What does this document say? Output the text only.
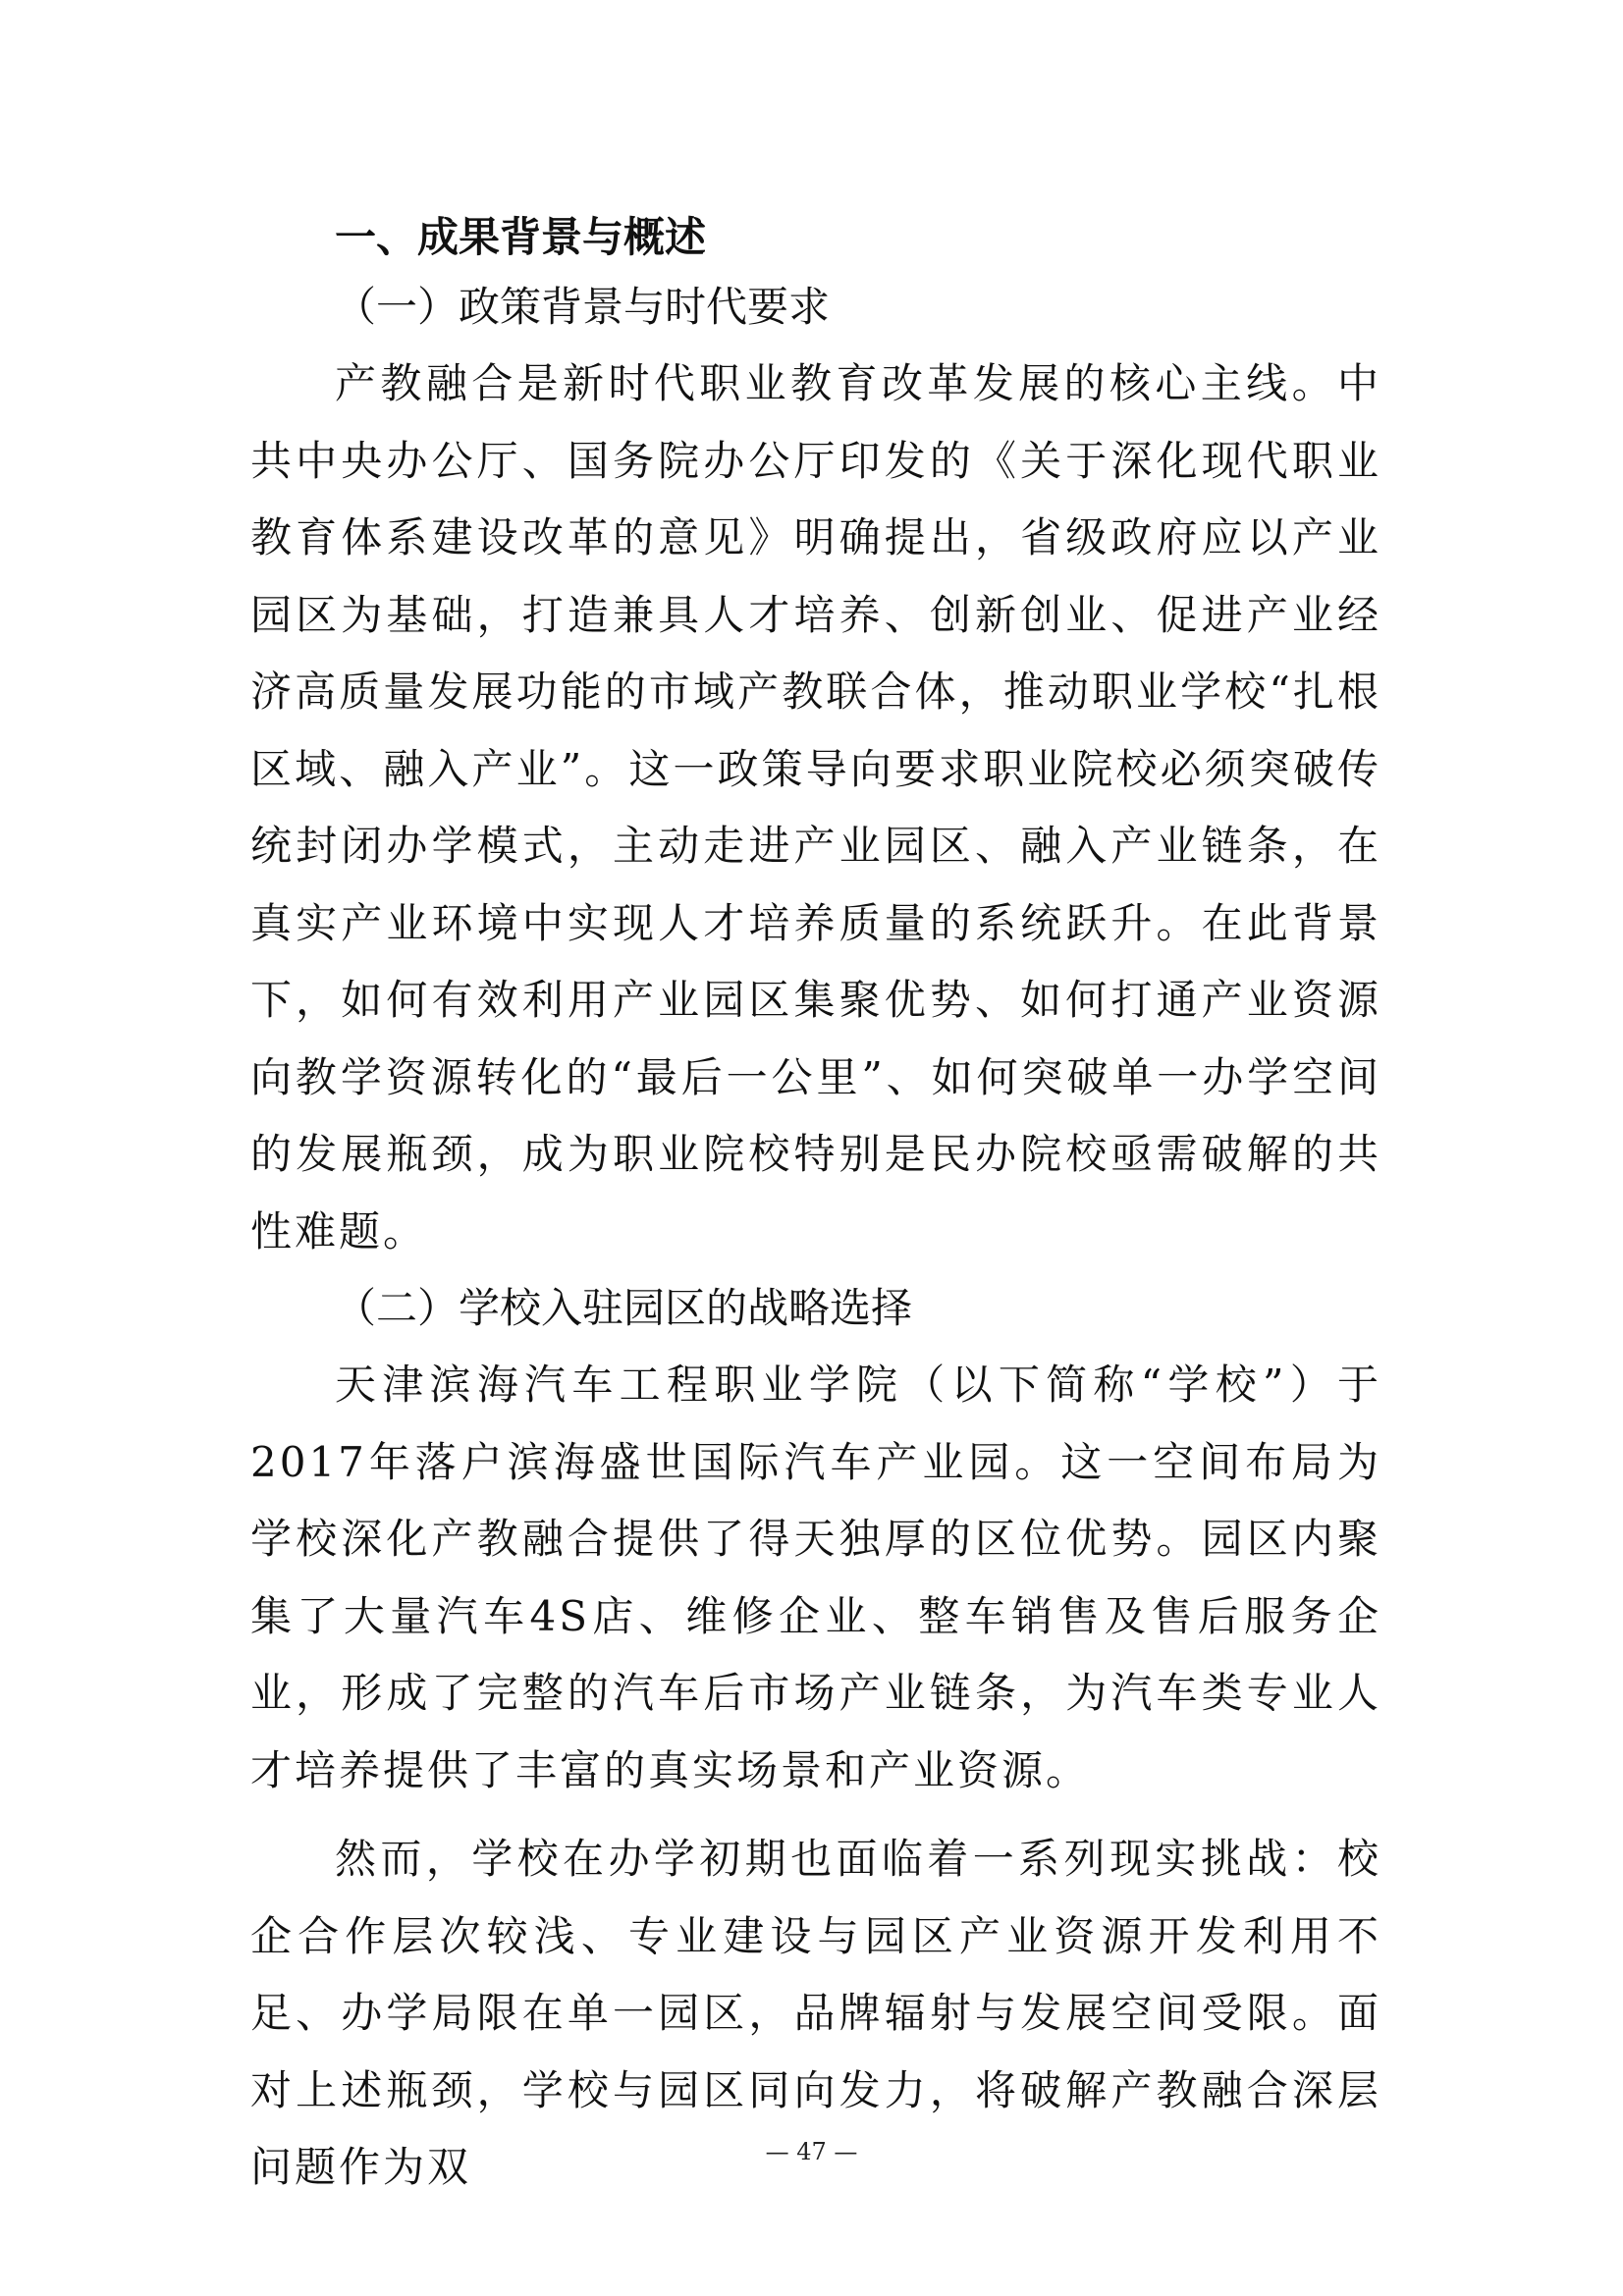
一、成果背景与概述
（一）政策背景与时代要求

产教融合是新时代职业教育改革发展的核心主线。中共中央办公厅、国务院办公厅印发的《关于深化现代职业教育体系建设改革的意见》明确提出，省级政府应以产业园区为基础，打造兼具人才培养、创新创业、促进产业经济高质量发展功能的市域产教联合体，推动职业学校“扎根区域、融入产业”。这一政策导向要求职业院校必须突破传统封闭办学模式，主动走进产业园区、融入产业链条，在真实产业环境中实现人才培养质量的系统跃升。在此背景下，如何有效利用产业园区集聚优势、如何打通产业资源向教学资源转化的“最后一公里”、如何突破单一办学空间的发展瓶颈，成为职业院校特别是民办院校亟需破解的共性难题。

（二）学校入驻园区的战略选择

天津滨海汽车工程职业学院（以下简称“学校”）于2017年落户滨海盛世国际汽车产业园。这一空间布局为学校深化产教融合提供了得天独厚的区位优势。园区内聚集了大量汽车4S店、维修企业、整车销售及售后服务企业，形成了完整的汽车后市场产业链条，为汽车类专业人才培养提供了丰富的真实场景和产业资源。

然而，学校在办学初期也面临着一系列现实挑战：校企合作层次较浅、专业建设与园区产业资源开发利用不足、办学局限在单一园区，品牌辐射与发展空间受限。面对上述瓶颈，学校与园区同向发力，将破解产教融合深层问题作为双	— 47 —
